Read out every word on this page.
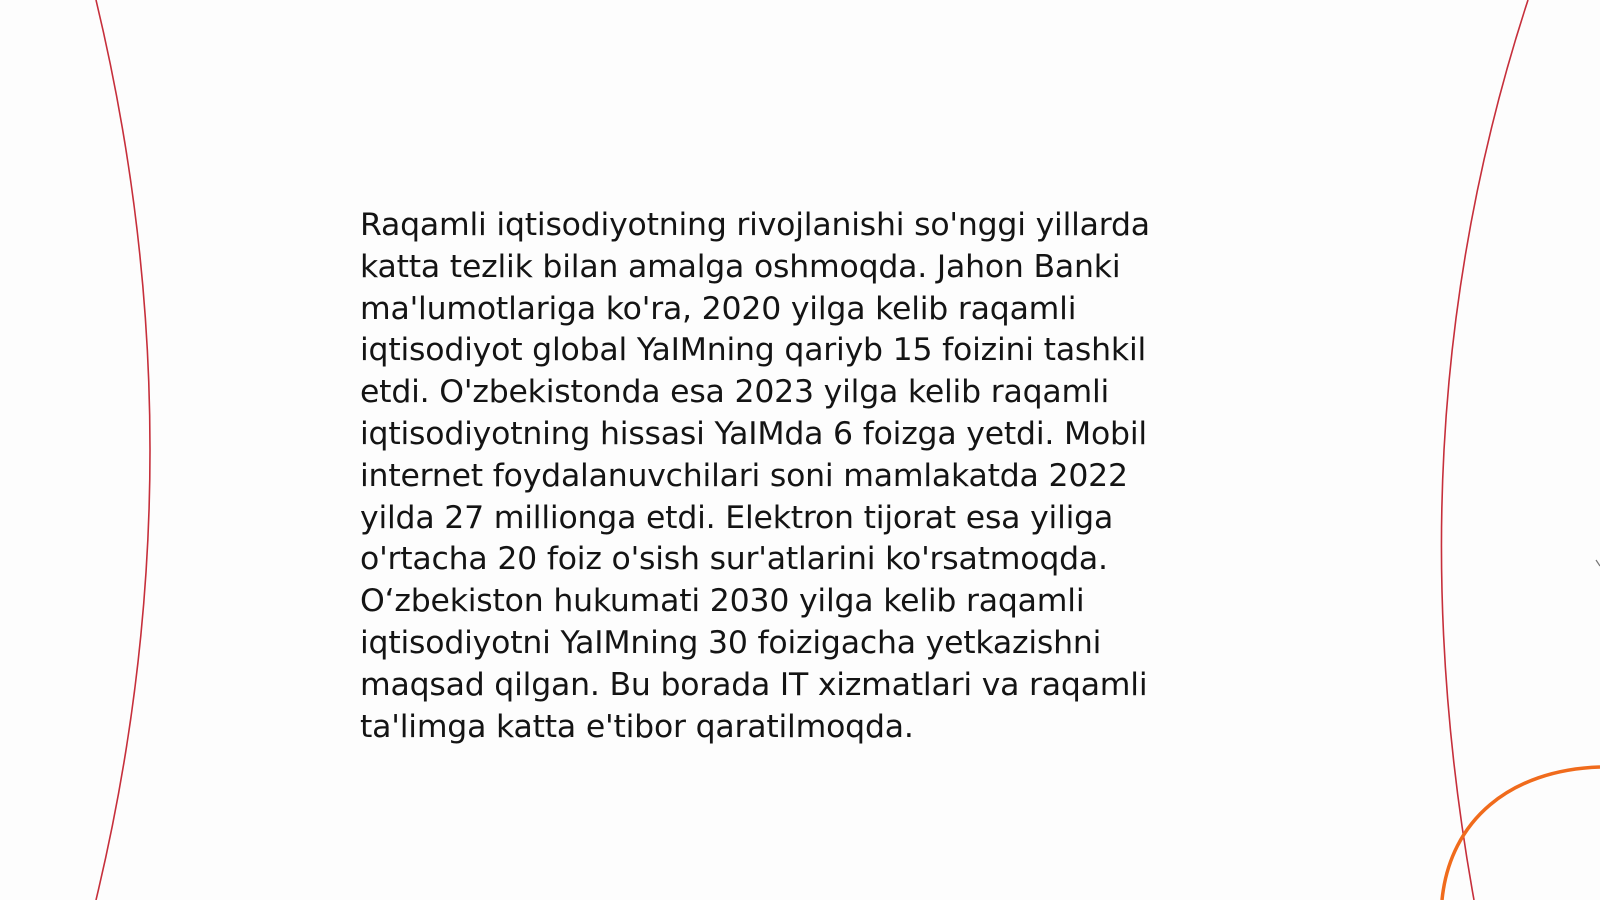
Raqamli iqtisodiyotning rivojlanishi so'nggi yillarda
katta tezlik bilan amalga oshmoqda. Jahon Banki
ma'lumotlariga ko'ra, 2020 yilga kelib raqamli
iqtisodiyot global YaIMning qariyb 15 foizini tashkil
etdi. O'zbekistonda esa 2023 yilga kelib raqamli
iqtisodiyotning hissasi YaIMda 6 foizga yetdi. Mobil
internet foydalanuvchilari soni mamlakatda 2022
yilda 27 millionga etdi. Elektron tijorat esa yiliga
o'rtacha 20 foiz o'sish sur'atlarini ko'rsatmoqda.
O‘zbekiston hukumati 2030 yilga kelib raqamli
iqtisodiyotni YaIMning 30 foizigacha yetkazishni
maqsad qilgan. Bu borada IT xizmatlari va raqamli
ta'limga katta e'tibor qaratilmoqda.
